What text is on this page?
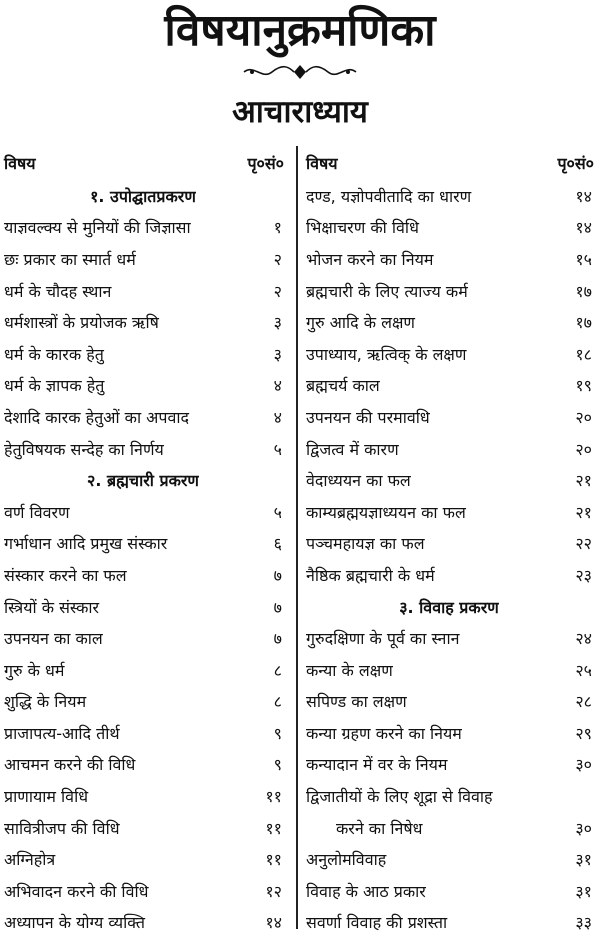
विषयानुक्रमणिका
आचाराध्याय
विषय	पृ०सं०
१. उपोद्घातप्रकरण
याज्ञवल्क्य से मुनियों की जिज्ञासा	१
छः प्रकार का स्मार्त धर्म	२
धर्म के चौदह स्थान	२
धर्मशास्त्रों के प्रयोजक ऋषि	३
धर्म के कारक हेतु	३
धर्म के ज्ञापक हेतु	४
देशादि कारक हेतुओं का अपवाद	४
हेतुविषयक सन्देह का निर्णय	५
२. ब्रह्मचारी प्रकरण
वर्ण विवरण	५
गर्भाधान आदि प्रमुख संस्कार	६
संस्कार करने का फल	७
स्त्रियों के संस्कार	७
उपनयन का काल	७
गुरु के धर्म	८
शुद्धि के नियम	८
प्राजापत्य-आदि तीर्थ	९
आचमन करने की विधि	९
प्राणायाम विधि	११
सावित्रीजप की विधि	११
अग्निहोत्र	११
अभिवादन करने की विधि	१२
अध्यापन के योग्य व्यक्ति	१४
विषय	पृ०सं०
दण्ड, यज्ञोपवीतादि का धारण	१४
भिक्षाचरण की विधि	१४
भोजन करने का नियम	१५
ब्रह्मचारी के लिए त्याज्य कर्म	१७
गुरु आदि के लक्षण	१७
उपाध्याय, ऋत्विक् के लक्षण	१८
ब्रह्मचर्य काल	१९
उपनयन की परमावधि	२०
द्विजत्व में कारण	२०
वेदाध्ययन का फल	२१
काम्यब्रह्मयज्ञाध्ययन का फल	२१
पञ्चमहायज्ञ का फल	२२
नैष्ठिक ब्रह्मचारी के धर्म	२३
३. विवाह प्रकरण
गुरुदक्षिणा के पूर्व का स्नान	२४
कन्या के लक्षण	२५
सपिण्ड का लक्षण	२८
कन्या ग्रहण करने का नियम	२९
कन्यादान में वर के नियम	३०
द्विजातीयों के लिए शूद्रा से विवाह
करने का निषेध	३०
अनुलोमविवाह	३१
विवाह के आठ प्रकार	३१
सवर्णा विवाह की प्रशस्ता	३३
